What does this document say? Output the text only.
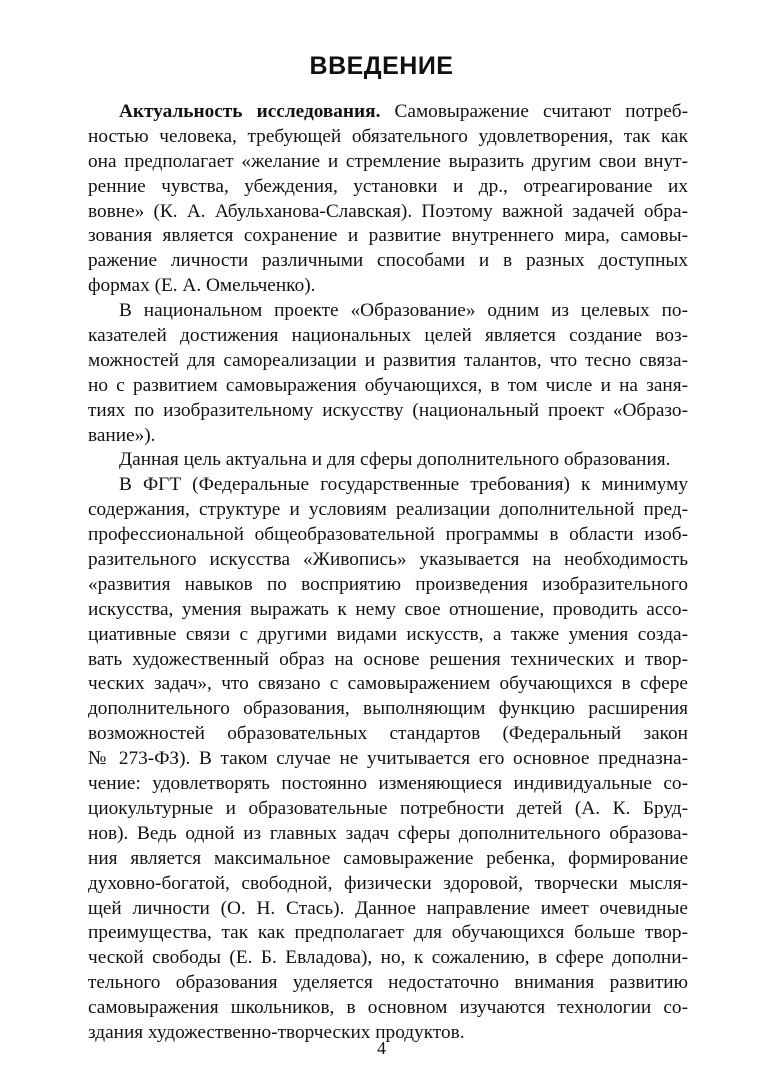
ВВЕДЕНИЕ
Актуальность исследования. Самовыражение считают потреб-
ностью человека, требующей обязательного удовлетворения, так как
она предполагает «желание и стремление выразить другим свои внут-
ренние чувства, убеждения, установки и др., отреагирование их
вовне» (К. А. Абульханова-Славская). Поэтому важной задачей обра-
зования является сохранение и развитие внутреннего мира, самовы-
ражение личности различными способами и в разных доступных
формах (Е. А. Омельченко).
В национальном проекте «Образование» одним из целевых по-
казателей достижения национальных целей является создание воз-
можностей для самореализации и развития талантов, что тесно связа-
но с развитием самовыражения обучающихся, в том числе и на заня-
тиях по изобразительному искусству (национальный проект «Образо-
вание»).
Данная цель актуальна и для сферы дополнительного образования.
В ФГТ (Федеральные государственные требования) к минимуму
содержания, структуре и условиям реализации дополнительной пред-
профессиональной общеобразовательной программы в области изоб-
разительного искусства «Живопись» указывается на необходимость
«развития навыков по восприятию произведения изобразительного
искусства, умения выражать к нему свое отношение, проводить ассо-
циативные связи с другими видами искусств, а также умения созда-
вать художественный образ на основе решения технических и твор-
ческих задач», что связано с самовыражением обучающихся в сфере
дополнительного образования, выполняющим функцию расширения
возможностей образовательных стандартов (Федеральный закон
№ 273-ФЗ). В таком случае не учитывается его основное предназна-
чение: удовлетворять постоянно изменяющиеся индивидуальные со-
циокультурные и образовательные потребности детей (А. К. Бруд-
нов). Ведь одной из главных задач сферы дополнительного образова-
ния является максимальное самовыражение ребенка, формирование
духовно-богатой, свободной, физически здоровой, творчески мысля-
щей личности (О. Н. Стась). Данное направление имеет очевидные
преимущества, так как предполагает для обучающихся больше твор-
ческой свободы (Е. Б. Евладова), но, к сожалению, в сфере дополни-
тельного образования уделяется недостаточно внимания развитию
самовыражения школьников, в основном изучаются технологии со-
здания художественно-творческих продуктов.
4
